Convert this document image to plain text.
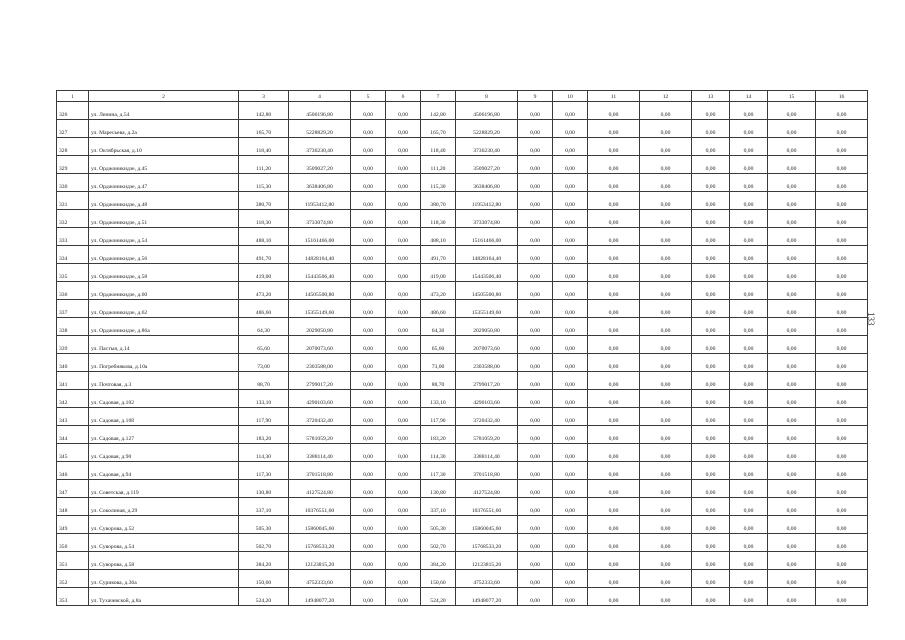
1	2	3	4	5	6	7	8	9	10	11	12	13	14	15	16
326	ул. Ленина, д.54	142,80	4506196,80	0,00	0,00	142,80	4506196,80	0,00	0,00	0,00	0,00	0,00	0,00	0,00	0,00
327	ул. Маресьева, д.2а	165,70	5228829,20	0,00	0,00	165,70	5228829,20	0,00	0,00	0,00	0,00	0,00	0,00	0,00	0,00
328	ул. Октябрьская, д.10	118,40	3736230,40	0,00	0,00	118,40	3736230,40	0,00	0,00	0,00	0,00	0,00	0,00	0,00	0,00
329	ул. Орджоникидзе, д.45	111,20	3509027,20	0,00	0,00	111,20	3509027,20	0,00	0,00	0,00	0,00	0,00	0,00	0,00	0,00
330	ул. Орджоникидзе, д.47	115,30	3638406,80	0,00	0,00	115,30	3638406,80	0,00	0,00	0,00	0,00	0,00	0,00	0,00	0,00
331	ул. Орджоникидзе, д.48	380,70	11953412,80	0,00	0,00	380,70	11953412,80	0,00	0,00	0,00	0,00	0,00	0,00	0,00	0,00
332	ул. Орджоникидзе, д.51	118,30	3733074,80	0,00	0,00	118,30	3733074,80	0,00	0,00	0,00	0,00	0,00	0,00	0,00	0,00
333	ул. Орджоникидзе, д.54	488,10	15161466,00	0,00	0,00	488,10	15161466,00	0,00	0,00	0,00	0,00	0,00	0,00	0,00	0,00
334	ул. Орджоникидзе, д.56	491,70	14828164,40	0,00	0,00	491,70	14828164,40	0,00	0,00	0,00	0,00	0,00	0,00	0,00	0,00
335	ул. Орджоникидзе, д.58	419,00	15443506,40	0,00	0,00	419,00	15443506,40	0,00	0,00	0,00	0,00	0,00	0,00	0,00	0,00
336	ул. Орджоникидзе, д.60	473,20	14505500,80	0,00	0,00	473,20	14505500,80	0,00	0,00	0,00	0,00	0,00	0,00	0,00	0,00
337	ул. Орджоникидзе, д.62	486,60	15355149,60	0,00	0,00	486,60	15355149,60	0,00	0,00	0,00	0,00	0,00	0,00	0,00	0,00
338	ул. Орджоникидзе, д.86а	64,30	2029050,80	0,00	0,00	64,30	2029050,80	0,00	0,00	0,00	0,00	0,00	0,00	0,00	0,00
339	ул. Пастыя, д.14	65,60	2070073,60	0,00	0,00	65,60	2070073,60	0,00	0,00	0,00	0,00	0,00	0,00	0,00	0,00
340	ул. Погребнякова, д.10а	73,00	2303588,00	0,00	0,00	73,00	2303588,00	0,00	0,00	0,00	0,00	0,00	0,00	0,00	0,00
341	ул. Почтовая, д.3	88,70	2799017,20	0,00	0,00	88,70	2799017,20	0,00	0,00	0,00	0,00	0,00	0,00	0,00	0,00
342	ул. Садовая, д.102	133,10	4290103,60	0,00	0,00	133,10	4290103,60	0,00	0,00	0,00	0,00	0,00	0,00	0,00	0,00
343	ул. Садовая, д.108	117,90	3720432,40	0,00	0,00	117,90	3720432,40	0,00	0,00	0,00	0,00	0,00	0,00	0,00	0,00
344	ул. Садовая, д.127	183,20	5781059,20	0,00	0,00	183,20	5781059,20	0,00	0,00	0,00	0,00	0,00	0,00	0,00	0,00
345	ул. Садовая, д.90	114,30	3388114,40	0,00	0,00	114,30	3388114,40	0,00	0,00	0,00	0,00	0,00	0,00	0,00	0,00
346	ул. Садовая, д.94	117,30	3701518,80	0,00	0,00	117,30	3701518,80	0,00	0,00	0,00	0,00	0,00	0,00	0,00	0,00
347	ул. Советская, д.119	130,80	4127524,80	0,00	0,00	130,80	4127524,80	0,00	0,00	0,00	0,00	0,00	0,00	0,00	0,00
348	ул. Соколиная, д.29	337,10	10376551,60	0,00	0,00	337,10	10376551,60	0,00	0,00	0,00	0,00	0,00	0,00	0,00	0,00
349	ул. Суворова, д.52	505,30	15860045,60	0,00	0,00	505,30	15860045,60	0,00	0,00	0,00	0,00	0,00	0,00	0,00	0,00
350	ул. Суворова, д.54	502,70	15768533,20	0,00	0,00	502,70	15768533,20	0,00	0,00	0,00	0,00	0,00	0,00	0,00	0,00
351	ул. Суворова, д.58	384,20	12123815,20	0,00	0,00	384,20	12123815,20	0,00	0,00	0,00	0,00	0,00	0,00	0,00	0,00
352	ул. Сурикова, д.36а	150,60	4752333,60	0,00	0,00	150,60	4752333,60	0,00	0,00	0,00	0,00	0,00	0,00	0,00	0,00
353	ул. Тухачевской, д.8а	524,20	14948077,20	0,00	0,00	524,20	14948077,20	0,00	0,00	0,00	0,00	0,00	0,00	0,00	0,00
133
